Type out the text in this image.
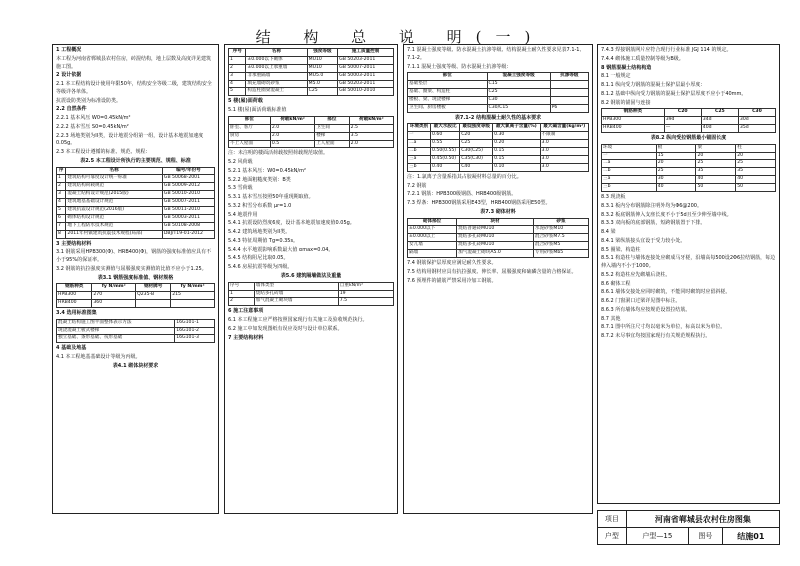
结 构 总 说 明(一)

1 工程概况

本工程为河南省郸城县农村住房，砖混结构，地上层数及高度详见建筑施工图。

2 设计依据

2.1 本工程结构设计使用年限50年，结构安全等级二级，建筑结构安全等级详各单体。

抗震设防类别为标准设防类。

2.2 自然条件

2.2.1 基本风压 W0=0.45kN/m²

2.2.2 基本雪压 S0=0.45kN/m²

2.2.3 场地类别为II类，设计地震分组第一组，设计基本地震加速度0.05g。

2.3 本工程设计遵循的标准、规范、规程：

表2.5 本工程设计所执行的主要规范、规程、标准

序	名称	编号/年份号
1	建筑结构可靠度设计统一标准	GB 50068-2001
2	建筑结构荷载规范	GB 50009-2012
3	混凝土结构设计规范(2015版)	GB 50010-2010
4	建筑地基基础设计规范	GB 50007-2011
5	建筑抗震设计规范(2016版)	GB 50011-2010
6	砌体结构设计规范	GB 50003-2011
7	地下工程防水技术规范	GB 50108-2008
8	2011年村镇建筑抗震技术规程(局部)	DBJ/T19-01-2012

3 主要结构材料

3.1 钢筋采用HPB300(Φ)、HRB400(Φ)，钢筋的强度标准值应具有不小于95%的保证率。

3.2 钢筋的抗拉强度实测值与屈服强度实测值的比值不应小于1.25。

表3.1 钢筋强度标准值、钢材规格

钢筋种类	fy N/mm²	钢材牌号	fy N/mm²
HPB300	270	Q235-B	215
HRB400	360		

3.4 选用标准图集

混凝土结构施工图平面整体表示方法	16G101-1
现浇混凝土板式楼梯	16G101-2
独立基础、条形基础、筏形基础	16G101-3

4 基础及地基

4.1 本工程地基基础设计等级为丙级。

表4.1 砌体块材要求

序号	名称	强度等级	施工质量控制
1	±0.000以下砌体	MU10	GB 50203-2011
2	±0.000以上承重墙	MU10	GB 50007-2011
3	非承重隔墙	MU5.0	GB 50003-2011
4	填充墙砌筑砂浆	M5.0	GB 50203-2011
5	构造柱圈梁混凝土	C25	GB 50010-2010

5 楼(屋)面荷载

5.1 楼(屋)面活荷载标准值

部位	荷载kN/m²	部位	荷载kN/m²
卧室、客厅	2.0	卫生间	2.5
厨房	2.0	楼梯	3.5
不上人屋面	0.5	上人屋面	2.0

注：未注明的楼面活荷载按照荷载规范取值。

5.2 风荷载

5.2.1 基本风压：W0=0.45kN/m²

5.2.2 地面粗糙度类别：B类

5.3 雪荷载

5.3.1 基本雪压按照50年重现期取值。

5.3.2 积雪分布系数 μr=1.0

5.4 地震作用

5.4.1 抗震设防烈度6度，设计基本地震加速度值0.05g。

5.4.2 建筑场地类别为II类。

5.4.3 特征周期值 Tg=0.35s。

5.4.4 水平地震影响系数最大值 αmax=0.04。

5.4.5 结构阻尼比取0.05。

5.4.6 房屋抗震等级为四级。

表5.6 建筑隔墙做法及重量

序号	墙体类型	自重kN/m³
1	烧结多孔砖墙	19
2	加气混凝土砌块墙	7.5

6 施工注意事项

6.1 本工程施工应严格按照国家现行有关施工及验收规范执行。

6.2 施工中如发现图纸有误应及时与设计单位联系。

7 主要结构材料

7.1 混凝土强度等级、防水混凝土抗渗等级、结构混凝土耐久性要求见表7.1-1、7.1-2。

7.1.1 混凝土强度等级、防水混凝土抗渗等级：

部位	混凝土强度等级	抗渗等级
基础垫层	C15	
基础、圈梁、构造柱	C25	
楼板、梁、现浇楼梯	C30	
卫生间、厨房楼板	C30/C15	P6

表7.1-2 结构混凝土耐久性的基本要求

环境类别	最大水胶比	最低强度等级	最大氯离子含量(%)	最大碱含量(kg/m³)
一	0.60	C20	0.30	不限制
二a	0.55	C25	0.20	3.0
二b	0.50(0.55)	C30(C25)	0.15	3.0
三a	0.45(0.50)	C35(C30)	0.15	3.0
三b	0.40	C40	0.10	3.0

注：1.氯离子含量系指其占胶凝材料总量的百分比。

7.2 钢筋

7.2.1 钢筋：HPB300级钢筋、HRB400级钢筋。

7.3 焊条：HPB300钢筋采用E43型，HRB400钢筋采用E50型。

表7.3 砌体材料

砌体部位	块材	砂浆
±0.000以下	烧结普通砖MU10	水泥砂浆M10
±0.000以上	烧结多孔砖MU10	混合砂浆M7.5
女儿墙	烧结多孔砖MU10	混合砂浆M5
隔墙	加气混凝土砌块A5.0	专用砂浆Mb5

7.4 钢筋保护层厚度应满足耐久性要求。

7.5 结构用钢材应具有抗拉强度、伸长率、屈服强度和硫磷含量的合格保证。

7.6 预埋件的锚筋严禁采用冷加工钢筋。

7.4.3 焊接钢筋网片应符合现行行业标准 JGJ 114 的规定。

7.4.4 砌体施工质量控制等级为B级。

8 钢筋混凝土结构构造

8.1 一般规定

8.1.1 纵向受力钢筋的混凝土保护层最小厚度：

8.1.2 基础中纵向受力钢筋的混凝土保护层厚度不应小于40mm。

8.2 钢筋的锚固与连接

钢筋种类	C20	C25	C30
HPB300	39d	34d	30d
HRB400	—	40d	35d

表8.2 纵向受拉钢筋最小锚固长度

环境	板	梁	柱
一	15	20	20
二a	20	25	25
二b	25	35	35
三a	30	40	40
三b	40	50	50

8.3 现浇板

8.3.1 板内分布钢筋除注明外均为Φ6@200。

8.3.2 板底钢筋伸入支座长度不小于5d且至少伸至墙中线。

8.3.3 双向板的底部钢筋，短跨钢筋置于下排。

8.4 梁

8.4.1 梁纵筋接头宜设于受力较小处。

8.5 圈梁、构造柱

8.5.1 构造柱与墙体连接处应砌成马牙槎，沿墙高每500设2Φ6拉结钢筋，每边伸入墙内不小于1000。

8.5.2 构造柱应先砌墙后浇柱。

8.6 砌体工程

8.6.1 墙体交接处应同时砌筑，不能同时砌筑时应留斜槎。

8.6.2 门窗洞口过梁详见图中标注。

8.6.3 所有墙体均应按规范设置拉结筋。

8.7 其他

8.7.1 图中所注尺寸均以毫米为单位，标高以米为单位。

8.7.2 未尽事宜均按国家现行有关规范规程执行。

项目	河南省郸城县农村住房图集		
户型	户型—15	图号	结施01
